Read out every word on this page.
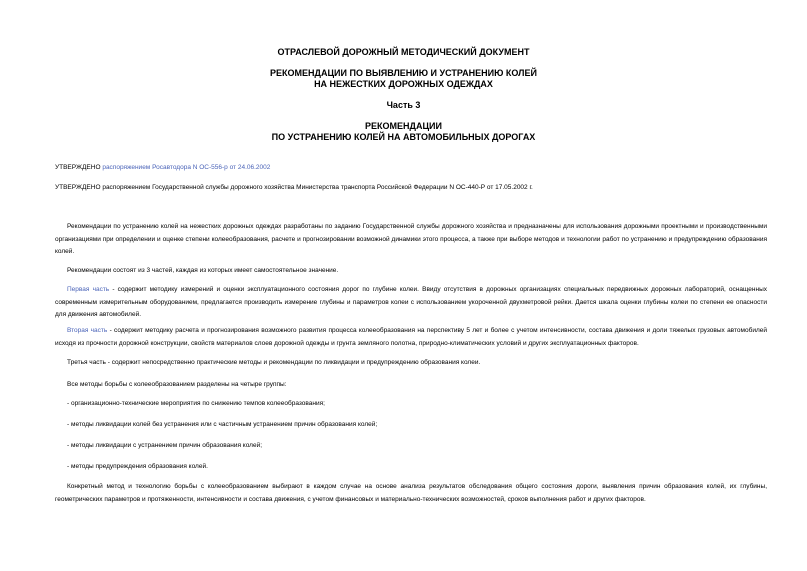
ОТРАСЛЕВОЙ ДОРОЖНЫЙ МЕТОДИЧЕСКИЙ ДОКУМЕНТ
РЕКОМЕНДАЦИИ ПО ВЫЯВЛЕНИЮ И УСТРАНЕНИЮ КОЛЕЙ
НА НЕЖЕСТКИХ ДОРОЖНЫХ ОДЕЖДАХ
Часть 3
РЕКОМЕНДАЦИИ
ПО УСТРАНЕНИЮ КОЛЕЙ НА АВТОМОБИЛЬНЫХ ДОРОГАХ
УТВЕРЖДЕНО распоряжением Росавтодора N ОС-556-р от 24.06.2002
УТВЕРЖДЕНО распоряжением Государственной службы дорожного хозяйства Министерства транспорта Российской Федерации N ОС-440-Р от 17.05.2002 г.
Рекомендации по устранению колей на нежестких дорожных одеждах разработаны по заданию Государственной службы дорожного хозяйства и предназначены для использования дорожными проектными и производственными организациями при определении и оценке степени колееобразования, расчете и прогнозировании возможной динамики этого процесса, а также при выборе методов и технологии работ по устранению и предупреждению образования колей.
Рекомендации состоят из 3 частей, каждая из которых имеет самостоятельное значение.
Первая часть - содержит методику измерений и оценки эксплуатационного состояния дорог по глубине колеи. Ввиду отсутствия в дорожных организациях специальных передвижных дорожных лабораторий, оснащенных современным измерительным оборудованием, предлагается производить измерение глубины и параметров колеи с использованием укороченной двухметровой рейки. Дается шкала оценки глубины колеи по степени ее опасности для движения автомобилей.
Вторая часть - содержит методику расчета и прогнозирования возможного развития процесса колееобразования на перспективу 5 лет и более с учетом интенсивности, состава движения и доли тяжелых грузовых автомобилей исходя из прочности дорожной конструкции, свойств материалов слоев дорожной одежды и грунта земляного полотна, природно-климатических условий и других эксплуатационных факторов.
Третья часть - содержит непосредственно практические методы и рекомендации по ликвидации и предупреждению образования колеи.
Все методы борьбы с колееобразованием разделены на четыре группы:
- организационно-технические мероприятия по снижению темпов колееобразования;
- методы ликвидации колей без устранения или с частичным устранением причин образования колей;
- методы ликвидации с устранением причин образования колей;
- методы предупреждения образования колей.
Конкретный метод и технологию борьбы с колееобразованием выбирают в каждом случае на основе анализа результатов обследования общего состояния дороги, выявления причин образования колей, их глубины, геометрических параметров и протяженности, интенсивности и состава движения, с учетом финансовых и материально-технических возможностей, сроков выполнения работ и других факторов.
